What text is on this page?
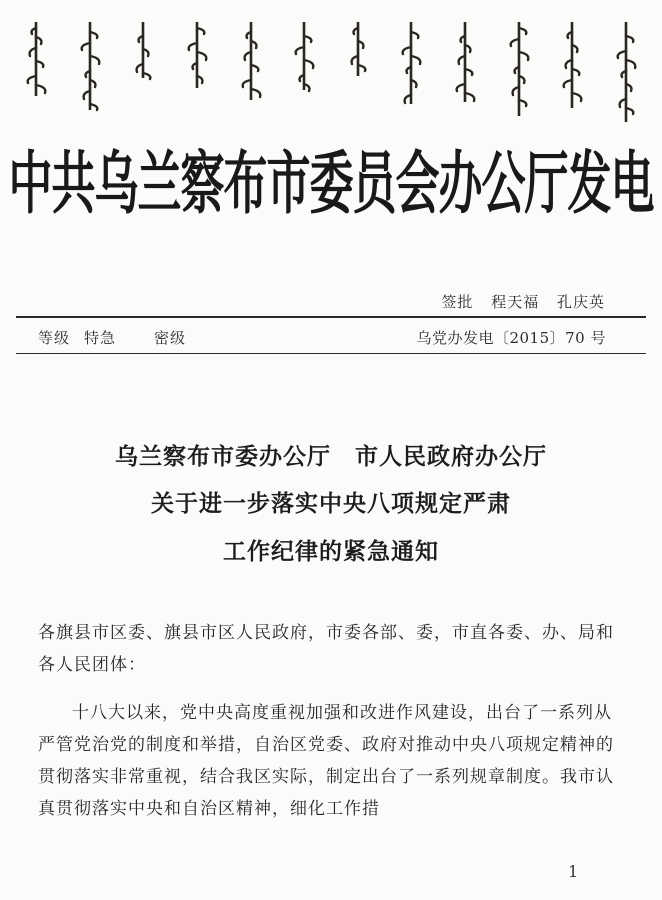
中共乌兰察布市委员会办公厅发电
签批 程天福 孔庆英
等级 特急	密级	乌党办发电〔2015〕70 号
乌兰察布市委办公厅 市人民政府办公厅
关于进一步落实中央八项规定严肃
工作纪律的紧急通知
各旗县市区委、旗县市区人民政府，市委各部、委，市直各委、办、局和各人民团体：
十八大以来，党中央高度重视加强和改进作风建设，出台了一系列从严管党治党的制度和举措，自治区党委、政府对推动中央八项规定精神的贯彻落实非常重视，结合我区实际，制定出台了一系列规章制度。我市认真贯彻落实中央和自治区精神，细化工作措
1
